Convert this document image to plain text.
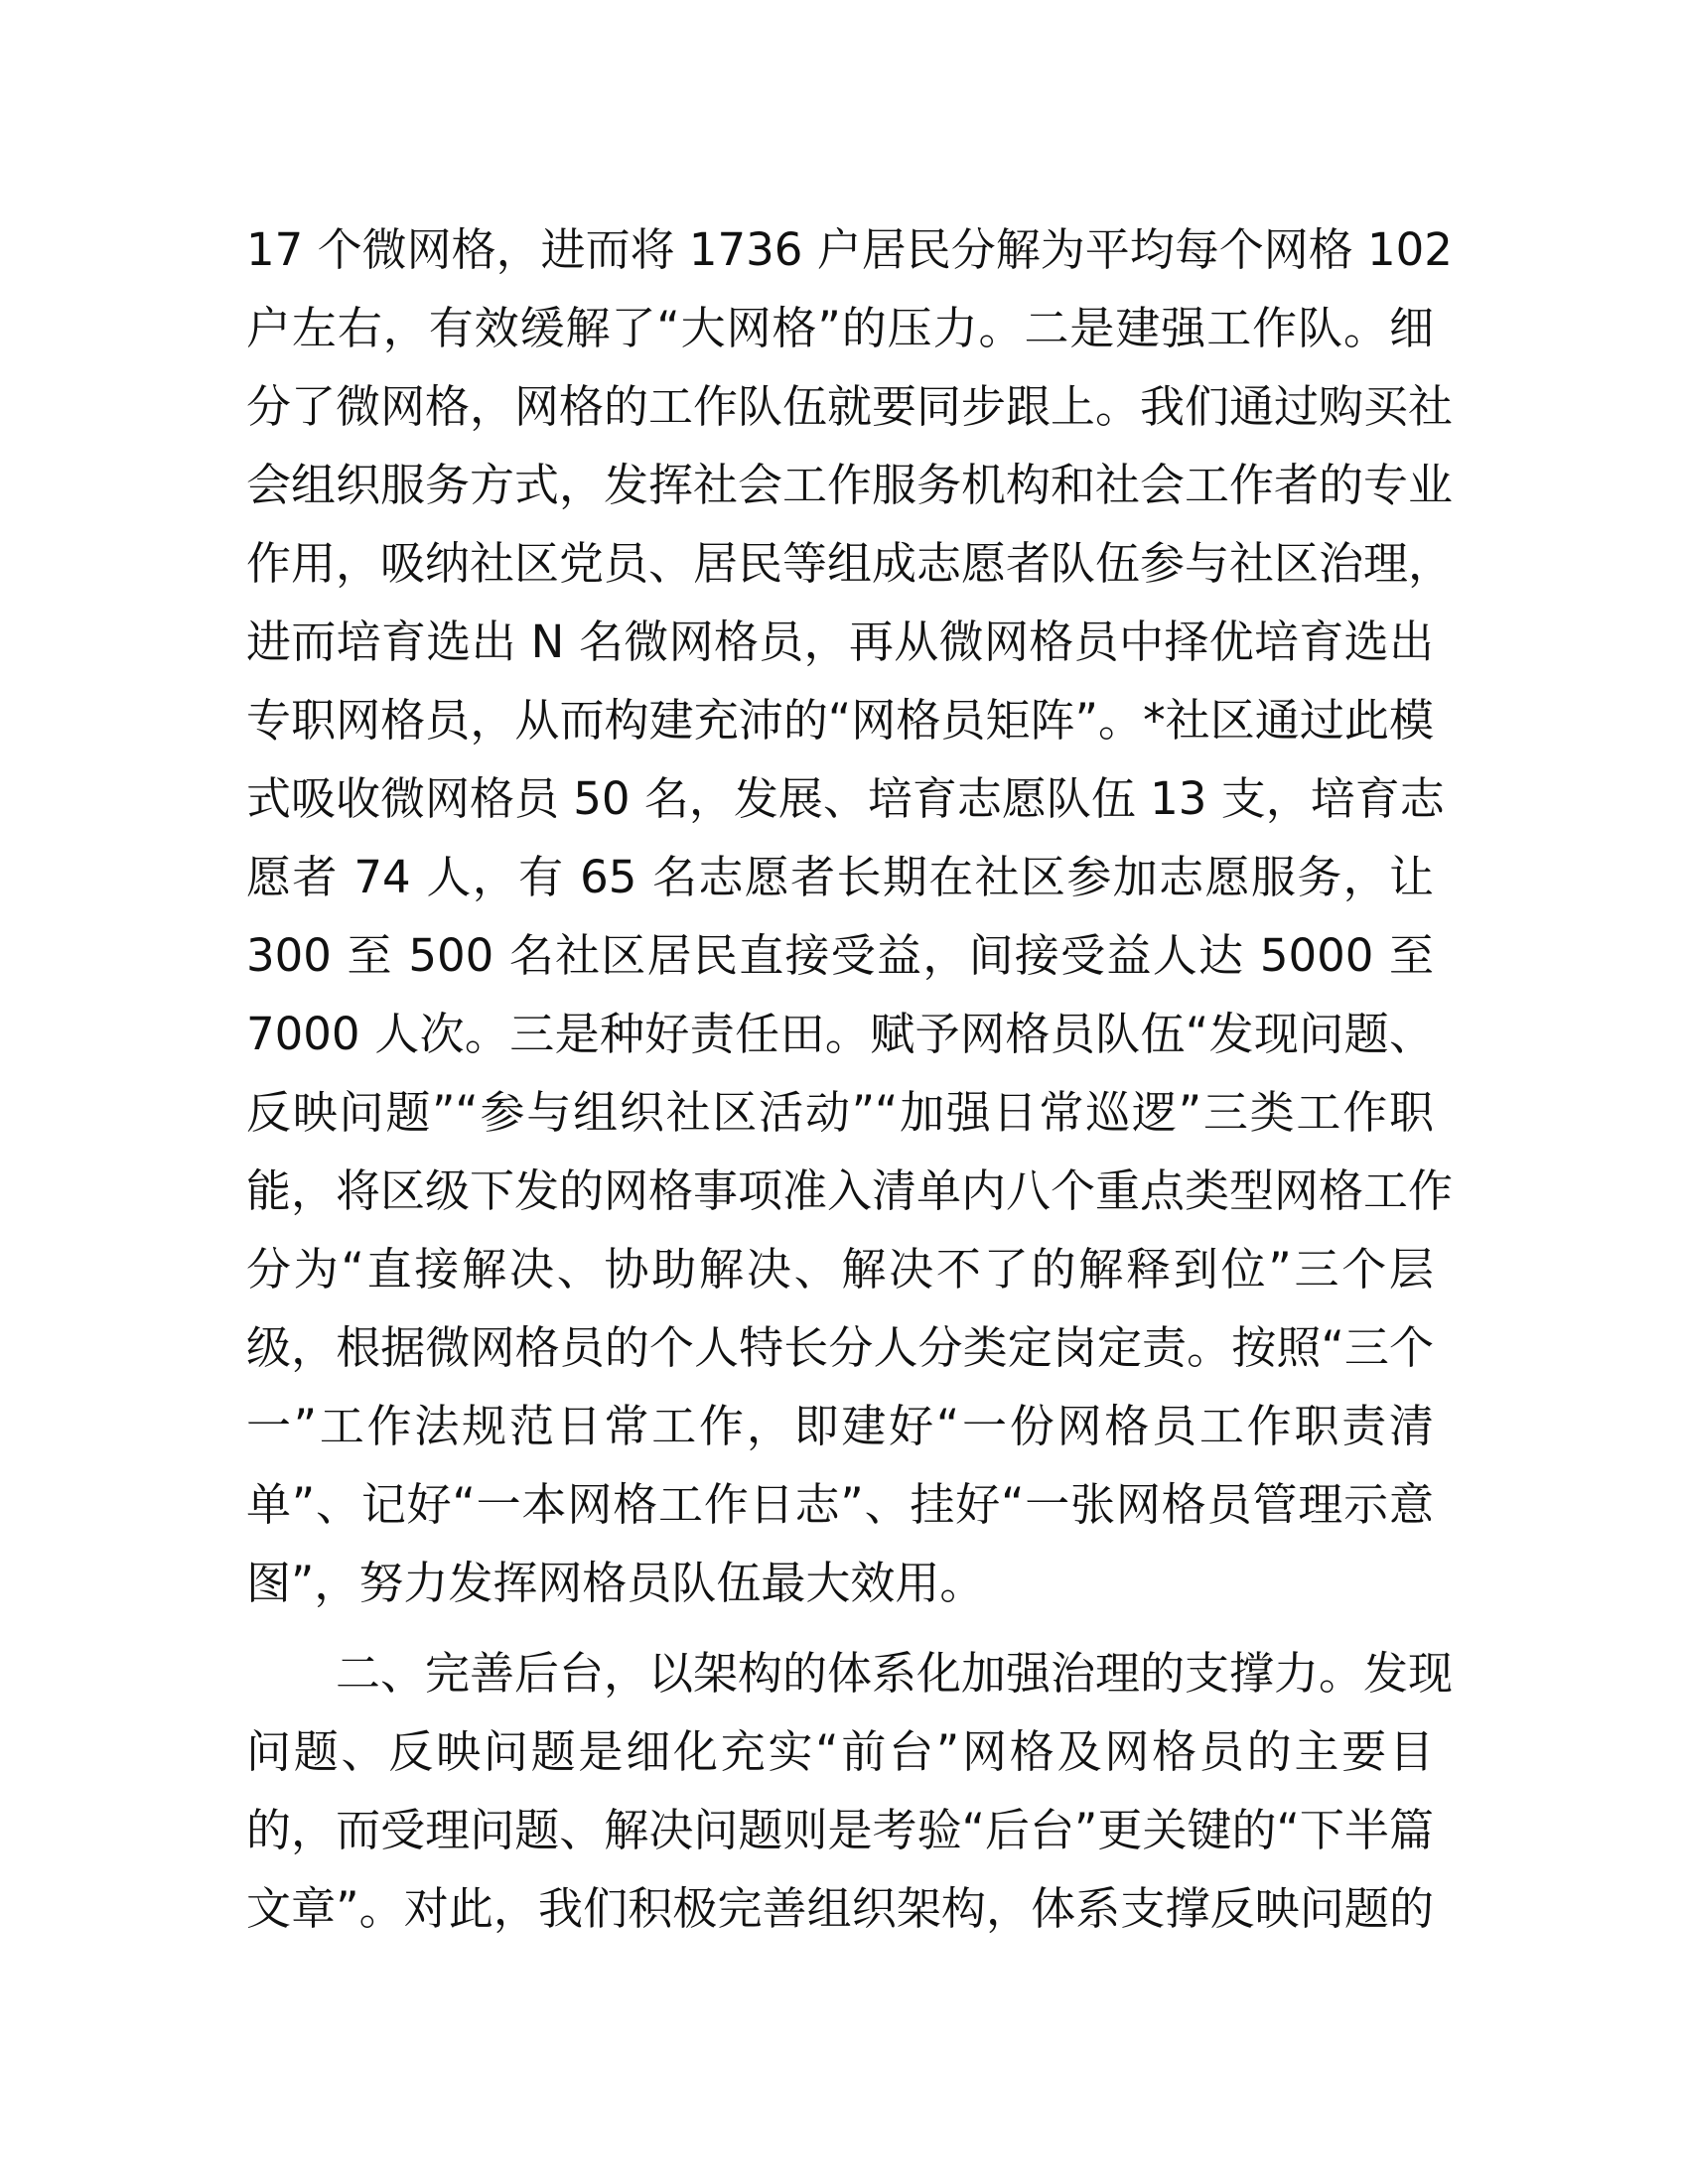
17 个微网格，进而将 1736 户居民分解为平均每个网格 102
户左右，有效缓解了“大网格”的压力。二是建强工作队。细
分了微网格，网格的工作队伍就要同步跟上。我们通过购买社
会组织服务方式，发挥社会工作服务机构和社会工作者的专业
作用，吸纳社区党员、居民等组成志愿者队伍参与社区治理，
进而培育选出 N 名微网格员，再从微网格员中择优培育选出
专职网格员，从而构建充沛的“网格员矩阵”。*社区通过此模
式吸收微网格员 50 名，发展、培育志愿队伍 13 支，培育志
愿者 74 人，有 65 名志愿者长期在社区参加志愿服务，让
300 至 500 名社区居民直接受益，间接受益人达 5000 至
7000 人次。三是种好责任田。赋予网格员队伍“发现问题、
反映问题”“参与组织社区活动”“加强日常巡逻”三类工作职
能，将区级下发的网格事项准入清单内八个重点类型网格工作
分为“直接解决、协助解决、解决不了的解释到位”三个层
级，根据微网格员的个人特长分人分类定岗定责。按照“三个
一”工作法规范日常工作，即建好“一份网格员工作职责清
单”、记好“一本网格工作日志”、挂好“一张网格员管理示意
图”，努力发挥网格员队伍最大效用。
　　二、完善后台，以架构的体系化加强治理的支撑力。发现
问题、反映问题是细化充实“前台”网格及网格员的主要目
的，而受理问题、解决问题则是考验“后台”更关键的“下半篇
文章”。对此，我们积极完善组织架构，体系支撑反映问题的
